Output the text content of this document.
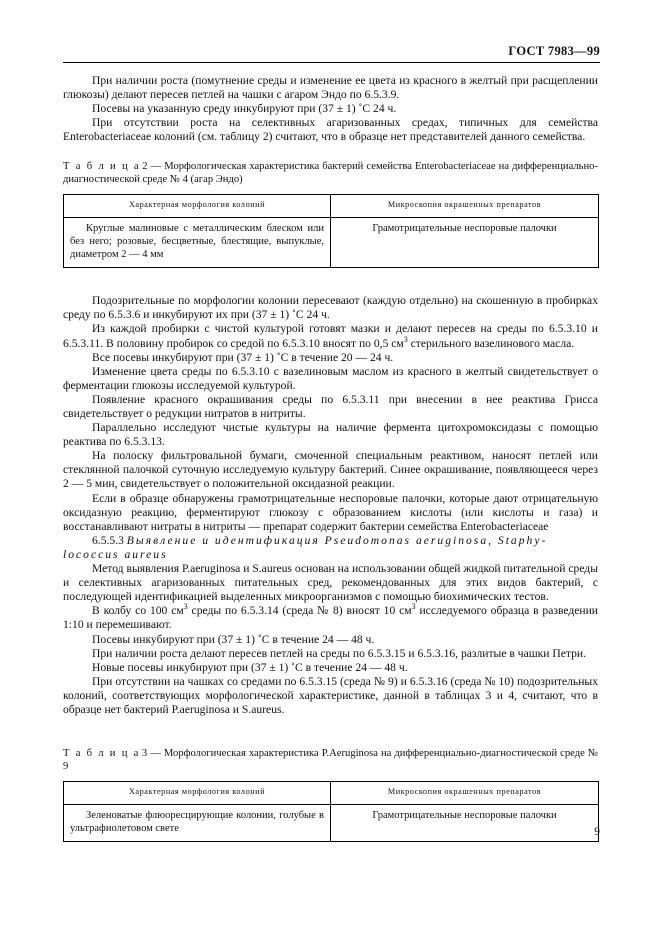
ГОСТ 7983—99

При наличии роста (помутнение среды и изменение ее цвета из красного в желтый при расщеплении глюкозы) делают пересев петлей на чашки с агаром Эндо по 6.5.3.9.

Посевы на указанную среду инкубируют при (37 ± 1) ˚С 24 ч.

При отсутствии роста на селективных агаризованных средах, типичных для семейства Enterobacteriaceae колоний (см. таблицу 2) считают, что в образце нет представителей данного семейства.

Т а б л и ц а 2 — Морфологическая характеристика бактерий семейства Enterobacteriaceae на дифференциально-диагностической среде № 4 (агар Эндо)

Характерная морфология колоний	Микроскопия окрашенных препаратов
Круглые малиновые с металлическим блеском или без него; розовые, бесцветные, блестящие, выпуклые, диаметром 2 — 4 мм	Грамотрицательные неспоровые палочки

Подозрительные по морфологии колонии пересевают (каждую отдельно) на скошенную в пробирках среду по 6.5.3.6 и инкубируют их при (37 ± 1) ˚С 24 ч.

Из каждой пробирки с чистой культурой готовят мазки и делают пересев на среды по 6.5.3.10 и 6.5.3.11. В половину пробирок со средой по 6.5.3.10 вносят по 0,5 $см^3$ стерильного вазелинового масла.

Все посевы инкубируют при (37 ± 1) ˚С в течение 20 — 24 ч.

Изменение цвета среды по 6.5.3.10 с вазелиновым маслом из красного в желтый свидетельствует о ферментации глюкозы исследуемой культурой.

Появление красного окрашивания среды по 6.5.3.11 при внесении в нее реактива Грисса свидетельствует о редукции нитратов в нитриты.

Параллельно исследуют чистые культуры на наличие фермента цитохромоксидазы с помощью реактива по 6.5.3.13.

На полоску фильтровальной бумаги, смоченной специальным реактивом, наносят петлей или стеклянной палочкой суточную исследуемую культуру бактерий. Синее окрашивание, появляющееся через 2 — 5 мин, свидетельствует о положительной оксидазной реакции.

Если в образце обнаружены грамотрицательные неспоровые палочки, которые дают отрицательную оксидазную реакцию, ферментируют глюкозу с образованием кислоты (или кислоты и газа) и восстанавливают нитраты в нитриты — препарат содержит бактерии семейства Enterobacteriaceae

6.5.5.3 Выявление и идентификация Pseudomonas aeruginosa, Staphy-

lococcus aureus

Метод выявления P.aeruginosa и S.aureus основан на использовании общей жидкой питательной среды и селективных агаризованных питательных сред, рекомендованных для этих видов бактерий, с последующей идентификацией выделенных микроорганизмов с помощью биохимических тестов.

В колбу со 100 $см^3$ среды по 6.5.3.14 (среда № 8) вносят 10 $см^3$ исследуемого образца в разведении 1:10 и перемешивают.

Посевы инкубируют при (37 ± 1) ˚С в течение 24 — 48 ч.

При наличии роста делают пересев петлей на среды по 6.5.3.15 и 6.5.3.16, разлитые в чашки Петри.

Новые посевы инкубируют при (37 ± 1) ˚С в течение 24 — 48 ч.

При отсутствии на чашках со средами по 6.5.3.15 (среда № 9) и 6.5.3.16 (среда № 10) подозрительных колоний, соответствующих морфологической характеристике, данной в таблицах 3 и 4, считают, что в образце нет бактерий P.aeruginosa и S.aureus.

Т а б л и ц а 3 — Морфологическая характеристика P.Aeruginosa на дифференциально-диагностической среде № 9

Характерная морфология колоний	Микроскопия окрашенных препаратов
Зеленоватые флюоресцирующие колонии, голубые в ультрафиолетовом свете	Грамотрицательные неспоровые палочки
9
